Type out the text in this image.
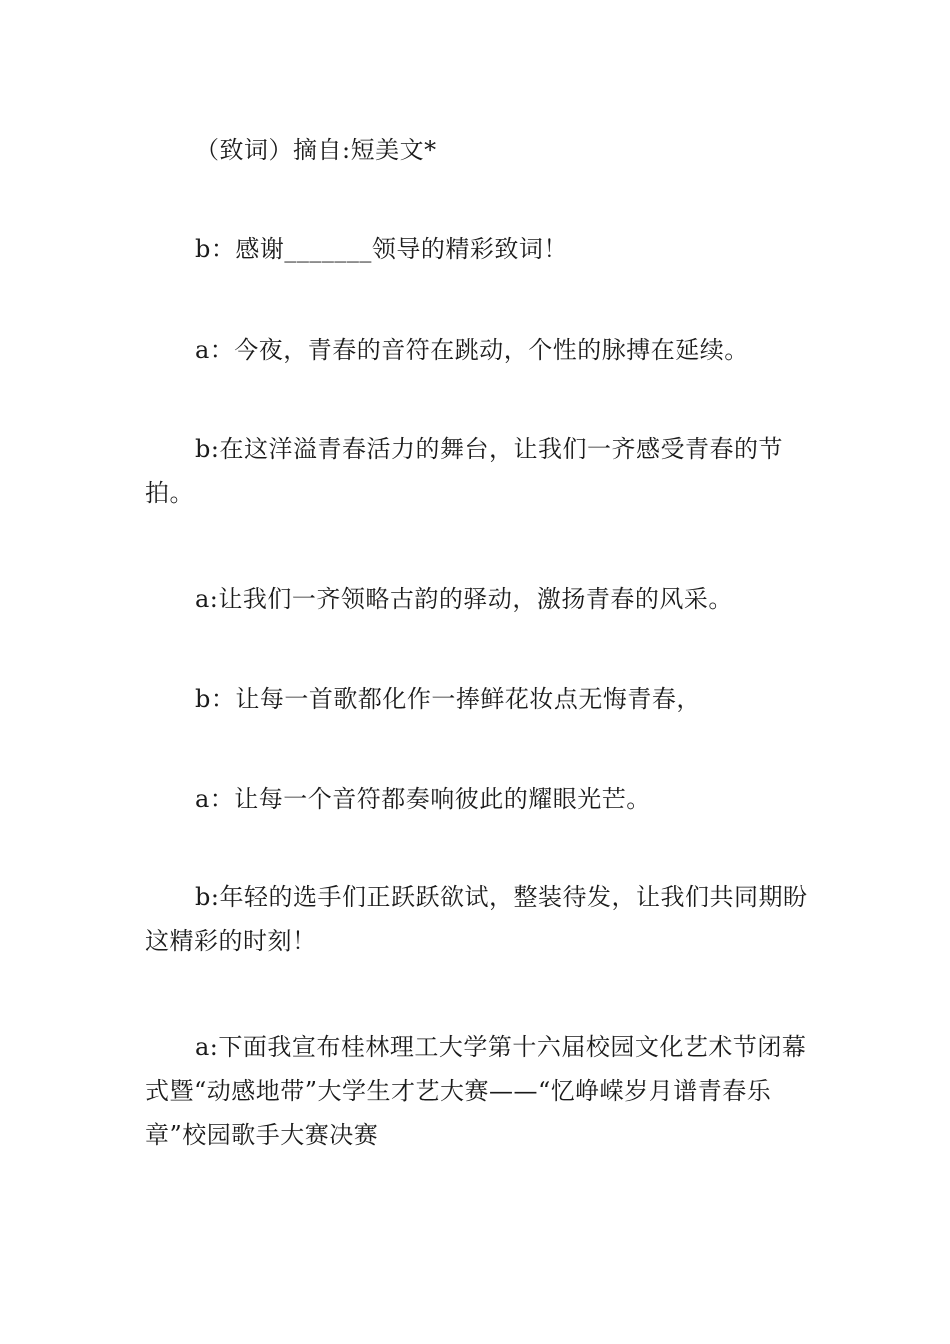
（致词）摘自:短美文*

b：感谢_______领导的精彩致词！

a：今夜，青春的音符在跳动，个性的脉搏在延续。

b:在这洋溢青春活力的舞台，让我们一齐感受青春的节拍。

a:让我们一齐领略古韵的驿动，激扬青春的风采。

b：让每一首歌都化作一捧鲜花妆点无悔青春，

a：让每一个音符都奏响彼此的耀眼光芒。

b:年轻的选手们正跃跃欲试，整装待发，让我们共同期盼这精彩的时刻！

a:下面我宣布桂林理工大学第十六届校园文化艺术节闭幕式暨“动感地带”大学生才艺大赛——“忆峥嵘岁月谱青春乐章”校园歌手大赛决赛
